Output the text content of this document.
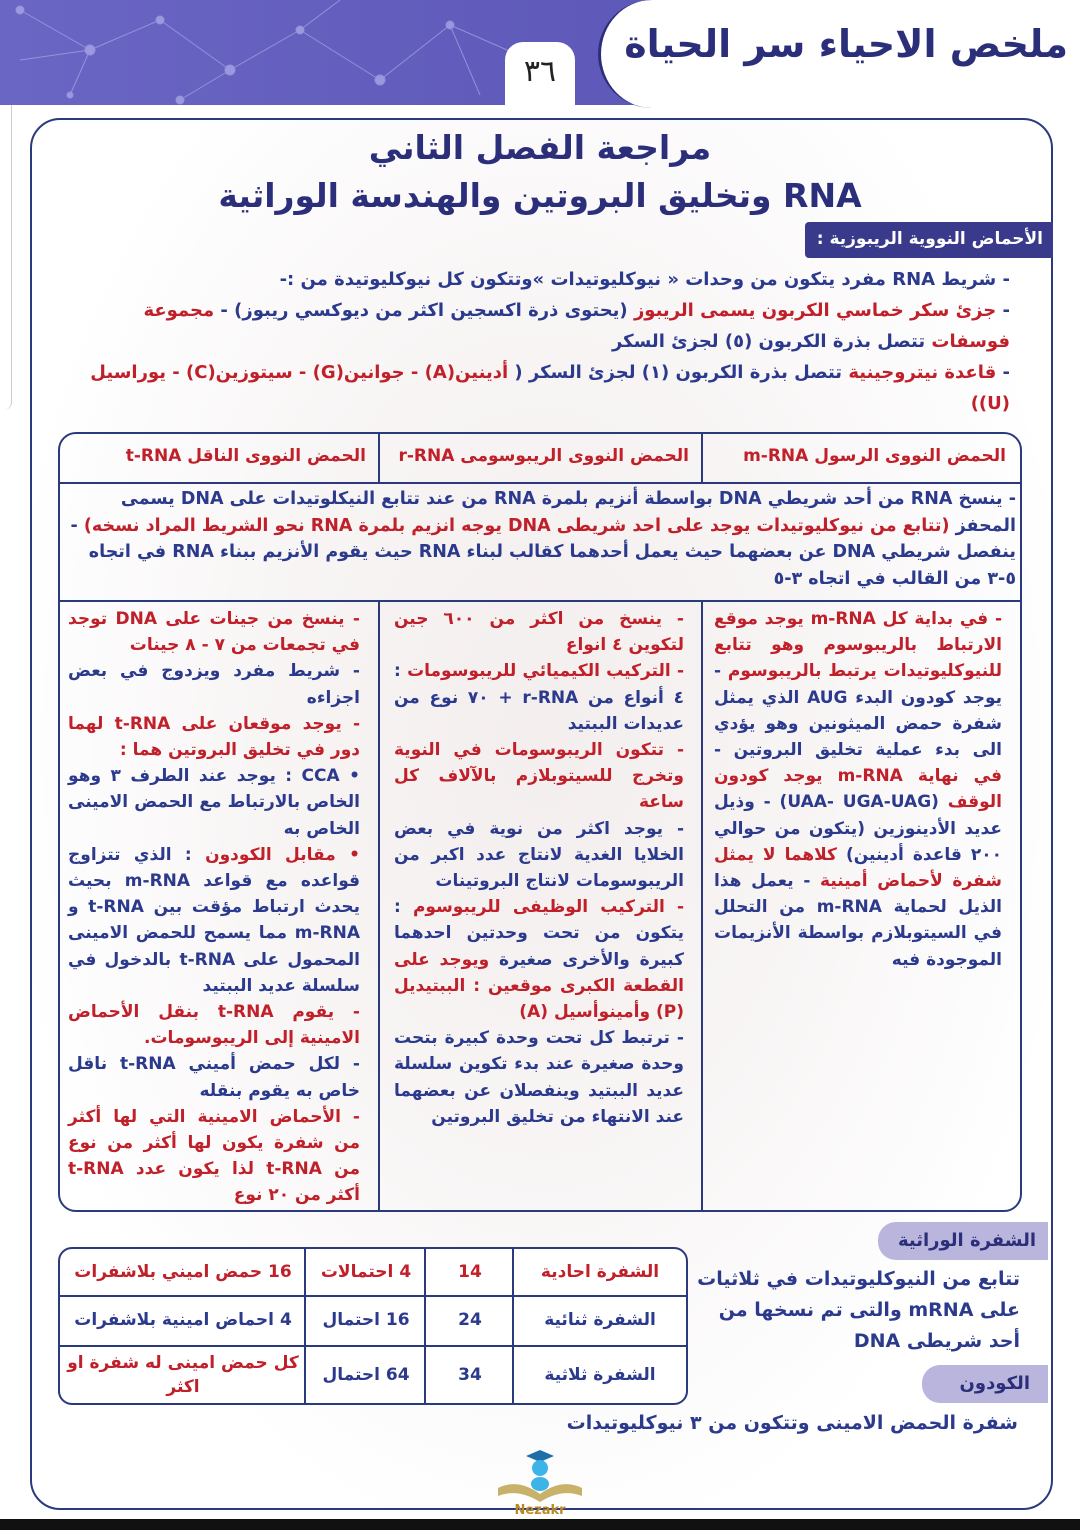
ملخص الاحياء سر الحياة
٣٦
مراجعة الفصل الثاني
RNA وتخليق البروتين والهندسة الوراثية
الأحماض النووية الريبوزية :
- شريط RNA مفرد يتكون من وحدات « نيوكليوتيدات »وتتكون كل نيوكليوتيدة من :-
- جزئ سكر خماسي الكربون يسمى الريبوز (يحتوى ذرة اكسجين اكثر من ديوكسي ريبوز) - مجموعة فوسفات تتصل بذرة الكربون (٥) لجزئ السكر
- قاعدة نيتروجينية تتصل بذرة الكربون (١) لجزئ السكر ( أدينين(A) - جوانين(G) - سيتوزين(C) - يوراسيل (U))
الحمض النووى الرسول m-RNA
الحمض النووى الريبوسومى r-RNA
الحمض النووى الناقل t-RNA
- ينسخ RNA من أحد شريطي DNA بواسطة أنزيم بلمرة RNA من عند تتابع النيكلوتيدات على DNA يسمى المحفز (تتابع من نيوكليوتيدات يوجد على احد شريطى DNA يوجه انزيم بلمرة RNA نحو الشريط المراد نسخه) - ينفصل شريطي DNA عن بعضهما حيث يعمل أحدهما كقالب لبناء RNA حيث يقوم الأنزيم ببناء RNA في اتجاه ٥-٣ من القالب في اتجاه ٣-٥
- في بداية كل m-RNA يوجد موقع الارتباط بالريبوسوم وهو تتابع للنيوكليوتيدات يرتبط بالريبوسوم - يوجد كودون البدء AUG الذي يمثل شفرة حمض الميثونين وهو يؤدي الى بدء عملية تخليق البروتين - في نهاية m-RNA يوجد كودون الوقف (UAA- UGA-UAG) - وذيل عديد الأدينوزين (يتكون من حوالي ٢٠٠ قاعدة أدينين) كلاهما لا يمثل شفرة لأحماض أمينية - يعمل هذا الذيل لحماية m-RNA من التحلل في السيتوبلازم بواسطة الأنزيمات الموجودة فيه
- ينسخ من اكثر من ٦٠٠ جين لتكوين ٤ انواع
- التركيب الكيميائي للريبوسومات : ٤ أنواع من r-RNA + ٧٠ نوع من عديدات الببتيد
- تتكون الريبوسومات في النوية وتخرج للسيتوبلازم بالآلاف كل ساعة
- يوجد اكثر من نوية في بعض الخلايا الغدية لانتاج عدد اكبر من الريبوسومات لانتاج البروتينات
- التركيب الوظيفى للريبوسوم : يتكون من تحت وحدتين احدهما كبيرة والأخرى صغيرة ويوجد على القطعة الكبرى موقعين : الببتيديل (P) وأمينوأسيل (A)
- ترتبط كل تحت وحدة كبيرة بتحت وحدة صغيرة عند بدء تكوين سلسلة عديد الببتيد وينفصلان عن بعضهما عند الانتهاء من تخليق البروتين
- ينسخ من جينات على DNA توجد في تجمعات من ٧ - ٨ جينات
- شريط مفرد ويزدوج في بعض اجزاءه
- يوجد موقعان على t-RNA لهما دور في تخليق البروتين هما :
• CCA : يوجد عند الطرف ٣ وهو الخاص بالارتباط مع الحمض الامينى الخاص به
• مقابل الكودون : الذي تتزاوج قواعده مع قواعد m-RNA بحيث يحدث ارتباط مؤقت بين t-RNA و m-RNA مما يسمح للحمض الامينى المحمول على t-RNA بالدخول في سلسلة عديد الببتيد
- يقوم t-RNA بنقل الأحماض الامينية إلى الريبوسومات.
- لكل حمض أميني t-RNA ناقل خاص به يقوم بنقله
- الأحماض الامينية التي لها أكثر من شفرة يكون لها أكثر من نوع من t-RNA لذا يكون عدد t-RNA أكثر من ٢٠ نوع
الشفرة الوراثية
تتابع من النيوكليوتيدات في ثلاثيات على mRNA والتى تم نسخها من أحد شريطى DNA
الكودون
شفرة الحمض الامينى وتتكون من ٣ نيوكليوتيدات
الشفرة احادية
14
4 احتمالات
16 حمض اميني بلاشفرات
الشفرة ثنائية
24
16 احتمال
4 احماض امينية بلاشفرات
الشفرة ثلاثية
34
64 احتمال
كل حمض امينى له شفرة او اكثر
Nezakr
